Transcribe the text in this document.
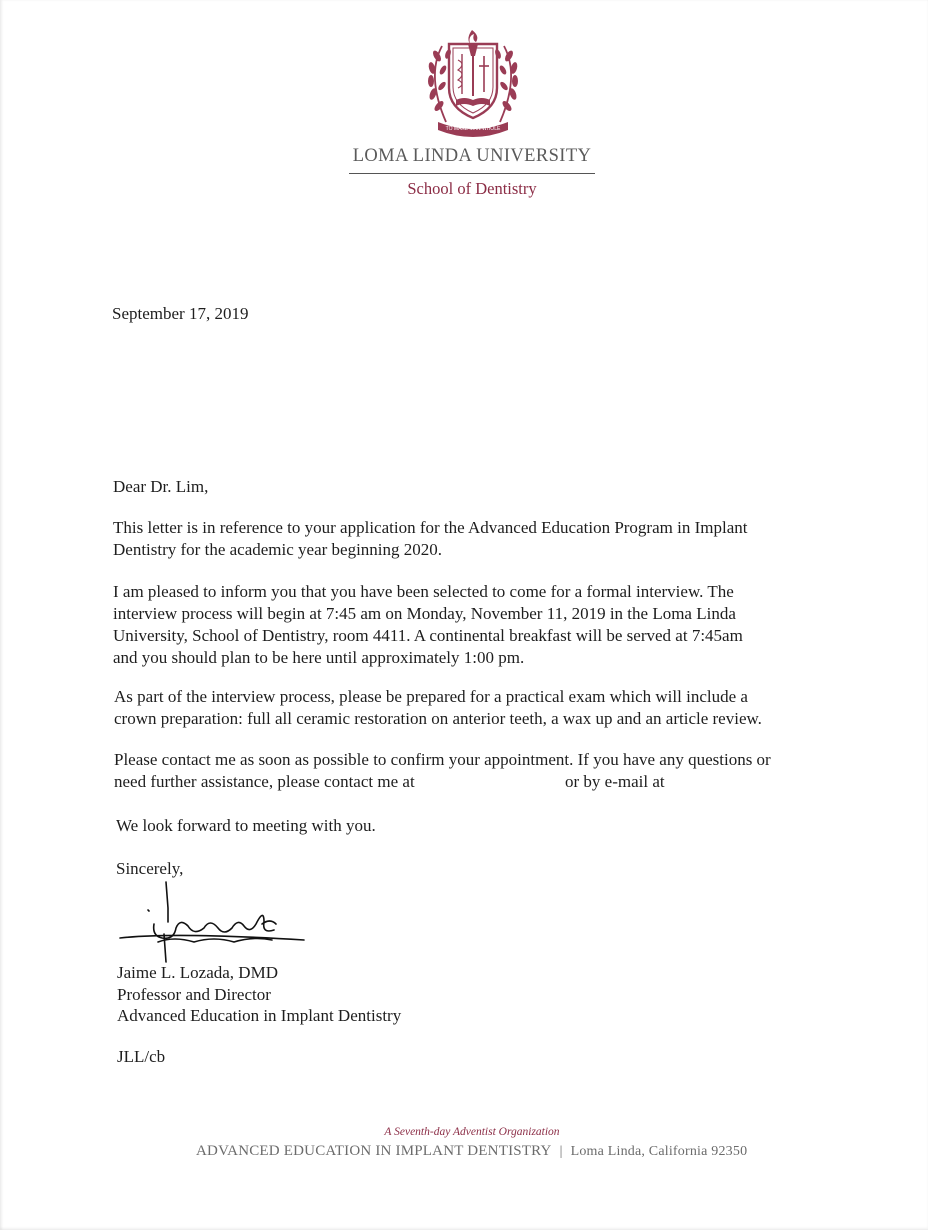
TO MAKE MAN WHOLE
LOMA LINDA UNIVERSITY
School of Dentistry
September 17, 2019
Dear Dr. Lim,
This letter is in reference to your application for the Advanced Education Program in Implant
Dentistry for the academic year beginning 2020.
I am pleased to inform you that you have been selected to come for a formal interview. The
interview process will begin at 7:45 am on Monday, November 11, 2019 in the Loma Linda
University, School of Dentistry, room 4411. A continental breakfast will be served at 7:45am
and you should plan to be here until approximately 1:00 pm.
As part of the interview process, please be prepared for a practical exam which will include a
crown preparation: full all ceramic restoration on anterior teeth, a wax up and an article review.
Please contact me as soon as possible to confirm your appointment. If you have any questions or
need further assistance, please contact me at	or by e-mail at
We look forward to meeting with you.
Sincerely,
Jaime L. Lozada, DMD
Professor and Director
Advanced Education in Implant Dentistry
JLL/cb
A Seventh-day Adventist Organization
ADVANCED EDUCATION IN IMPLANT DENTISTRY | Loma Linda, California 92350
